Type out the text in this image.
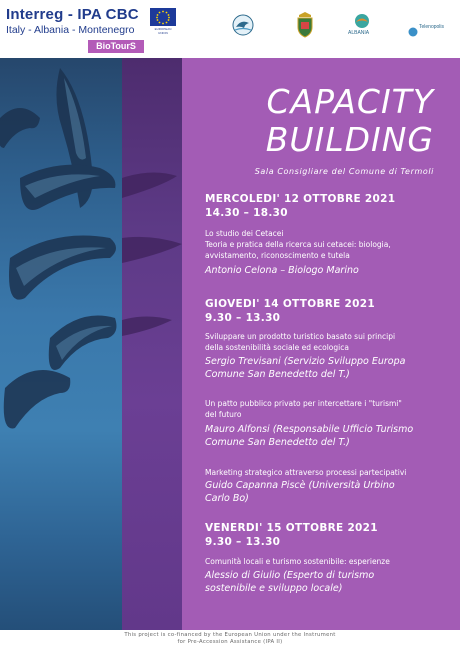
Interreg - IPA CBC
Italy - Albania - Montenegro	EUROPEAN UNION
BioTourS
ALBANIA
Telenopolis
CAPACITY
BUILDING
Sala Consigliare del Comune di Termoli
MERCOLEDI' 12 OTTOBRE 2021
14.30 – 18.30
Lo studio dei Cetacei
Teoria e pratica della ricerca sui cetacei: biologia,
avvistamento, riconoscimento e tutela
Antonio Celona – Biologo Marino
GIOVEDI' 14 OTTOBRE 2021
9.30 – 13.30
Sviluppare un prodotto turistico basato sui principi
della sostenibilità sociale ed ecologica
Sergio Trevisani (Servizio Sviluppo Europa
Comune San Benedetto del T.)
Un patto pubblico privato per intercettare i "turismi"
del futuro
Mauro Alfonsi (Responsabile Ufficio Turismo
Comune San Benedetto del T.)
Marketing strategico attraverso processi partecipativi
Guido Capanna Piscè (Università Urbino
Carlo Bo)
VENERDI' 15 OTTOBRE 2021
9.30 – 13.30
Comunità locali e turismo sostenibile: esperienze
Alessio di Giulio (Esperto di turismo
sostenibile e sviluppo locale)
This project is co-financed by the European Union under the Instrument
for Pre-Accession Assistance (IPA II)
